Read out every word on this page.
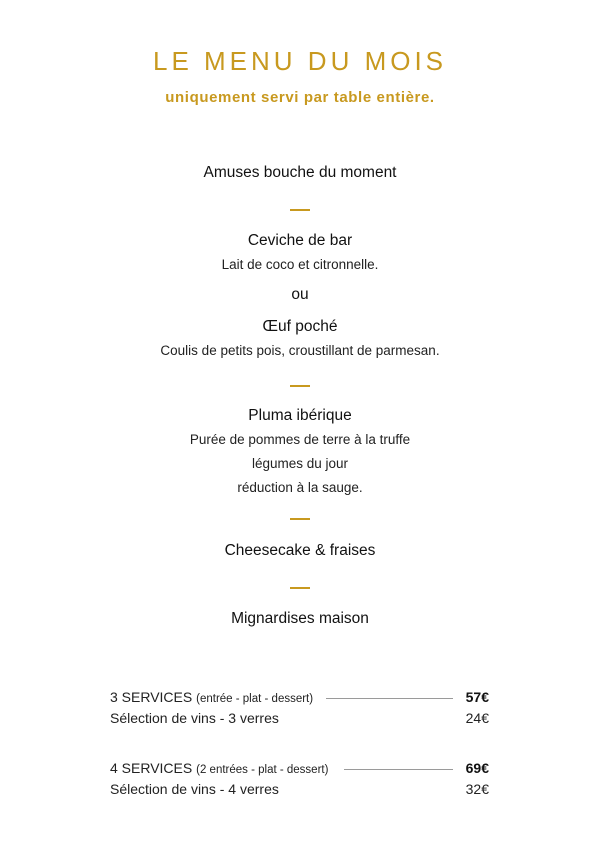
LE MENU DU MOIS

uniquement servi par table entière.

Amuses bouche du moment

Ceviche de bar

Lait de coco et citronnelle.

ou

Œuf poché

Coulis de petits pois, croustillant de parmesan.

Pluma ibérique

Purée de pommes de terre à la truffe

légumes du jour

réduction à la sauge.

Cheesecake & fraises

Mignardises maison

3 SERVICES (entrée - plat - dessert)	57€
Sélection de vins - 3 verres	24€
4 SERVICES (2 entrées - plat - dessert)	69€
Sélection de vins - 4 verres	32€
